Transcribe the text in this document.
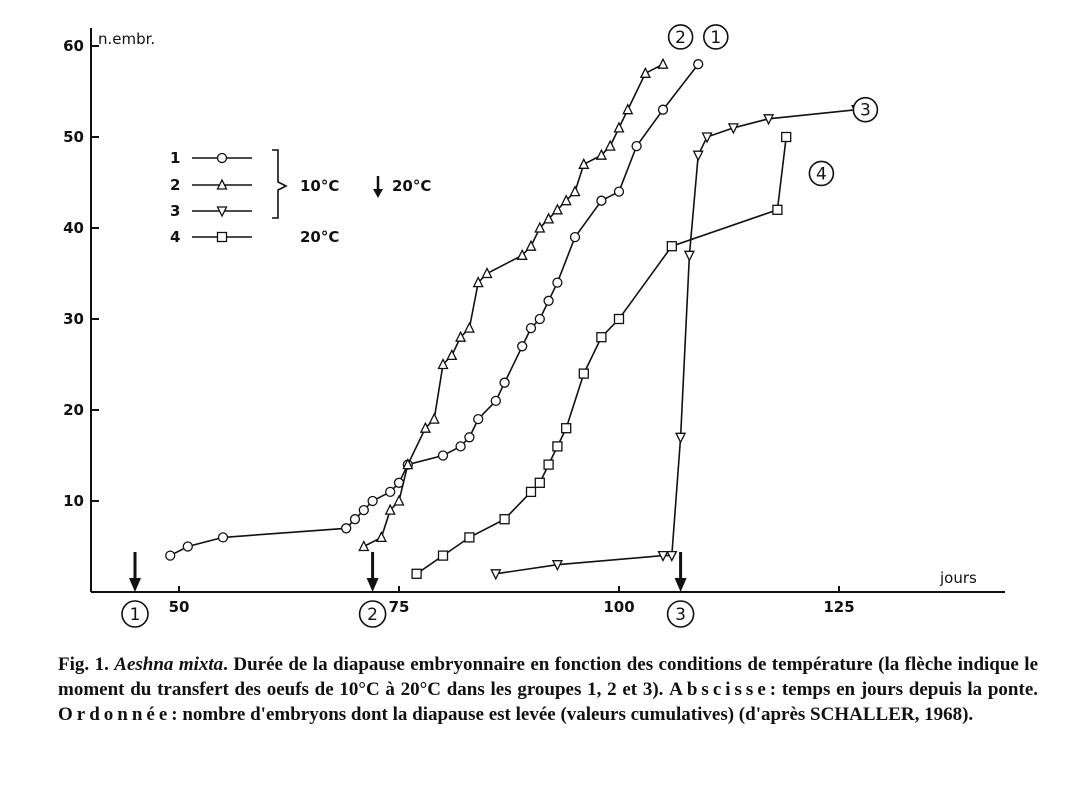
n.embr.
jours
10
20
30
40
50
60
50	75	100	125
1
2
3
4
10°C	20°C
20°C
1
2
3
4
1	2	3
Fig. 1. Aeshna mixta. Durée de la diapause embryonnaire en fonction des conditions de température (la flèche indique le moment du transfert des oeufs de 10°C à 20°C dans les groupes 1, 2 et 3). Abscisse: temps en jours depuis la ponte. Ordonnée: nombre d'embryons dont la diapause est levée (valeurs cumulatives) (d'après SCHALLER, 1968).
